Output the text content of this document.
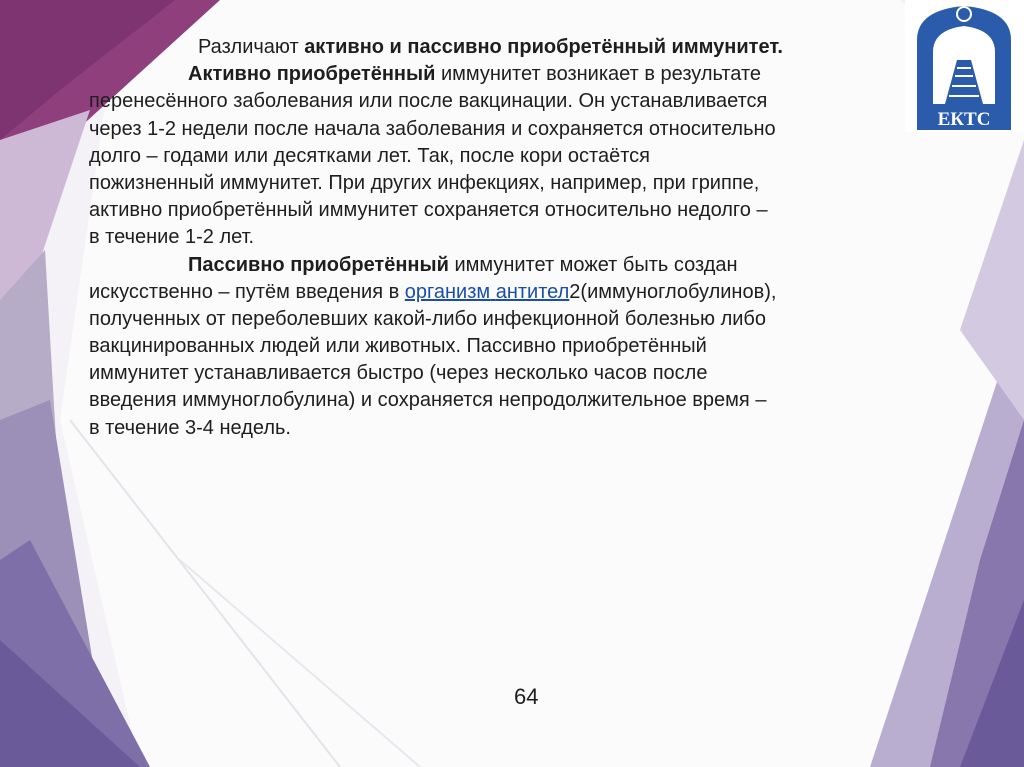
ЕКТС
Различают активно и пассивно приобретённый иммунитет.
Активно приобретённый иммунитет возникает в результате
перенесённого заболевания или после вакцинации. Он устанавливается
через 1-2 недели после начала заболевания и сохраняется относительно
долго – годами или десятками лет. Так, после кори остаётся
пожизненный иммунитет. При других инфекциях, например, при гриппе,
активно приобретённый иммунитет сохраняется относительно недолго –
в течение 1-2 лет.
Пассивно приобретённый иммунитет может быть создан
искусственно – путём введения в организм антител2(иммуноглобулинов),
полученных от переболевших какой-либо инфекционной болезнью либо
вакцинированных людей или животных. Пассивно приобретённый
иммунитет устанавливается быстро (через несколько часов после
введения иммуноглобулина) и сохраняется непродолжительное время –
в течение 3-4 недель.
64
